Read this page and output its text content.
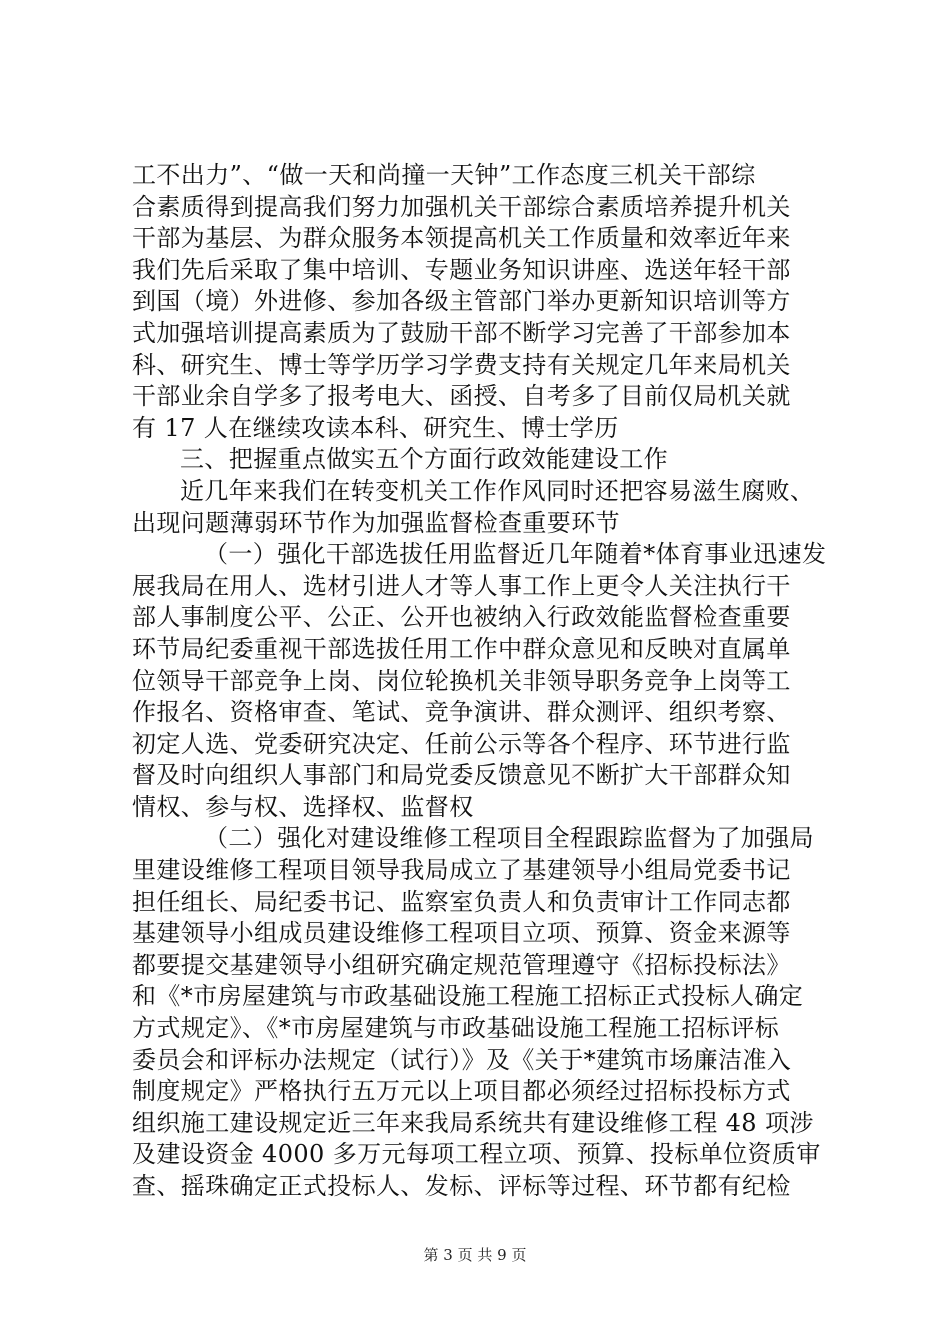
工不出力”、“做一天和尚撞一天钟”工作态度三机关干部综
合素质得到提高我们努力加强机关干部综合素质培养提升机关
干部为基层、为群众服务本领提高机关工作质量和效率近年来
我们先后采取了集中培训、专题业务知识讲座、选送年轻干部
到国（境）外进修、参加各级主管部门举办更新知识培训等方
式加强培训提高素质为了鼓励干部不断学习完善了干部参加本
科、研究生、博士等学历学习学费支持有关规定几年来局机关
干部业余自学多了报考电大、函授、自考多了目前仅局机关就
有 17 人在继续攻读本科、研究生、博士学历
三、把握重点做实五个方面行政效能建设工作
近几年来我们在转变机关工作作风同时还把容易滋生腐败、
出现问题薄弱环节作为加强监督检查重要环节
（一）强化干部选拔任用监督近几年随着*体育事业迅速发
展我局在用人、选材引进人才等人事工作上更令人关注执行干
部人事制度公平、公正、公开也被纳入行政效能监督检查重要
环节局纪委重视干部选拔任用工作中群众意见和反映对直属单
位领导干部竞争上岗、岗位轮换机关非领导职务竞争上岗等工
作报名、资格审查、笔试、竞争演讲、群众测评、组织考察、
初定人选、党委研究决定、任前公示等各个程序、环节进行监
督及时向组织人事部门和局党委反馈意见不断扩大干部群众知
情权、参与权、选择权、监督权
（二）强化对建设维修工程项目全程跟踪监督为了加强局
里建设维修工程项目领导我局成立了基建领导小组局党委书记
担任组长、局纪委书记、监察室负责人和负责审计工作同志都
基建领导小组成员建设维修工程项目立项、预算、资金来源等
都要提交基建领导小组研究确定规范管理遵守《招标投标法》
和《*市房屋建筑与市政基础设施工程施工招标正式投标人确定
方式规定》、《*市房屋建筑与市政基础设施工程施工招标评标
委员会和评标办法规定（试行）》及《关于*建筑市场廉洁准入
制度规定》严格执行五万元以上项目都必须经过招标投标方式
组织施工建设规定近三年来我局系统共有建设维修工程 48 项涉
及建设资金 4000 多万元每项工程立项、预算、投标单位资质审
查、摇珠确定正式投标人、发标、评标等过程、环节都有纪检
第 3 页 共 9 页
